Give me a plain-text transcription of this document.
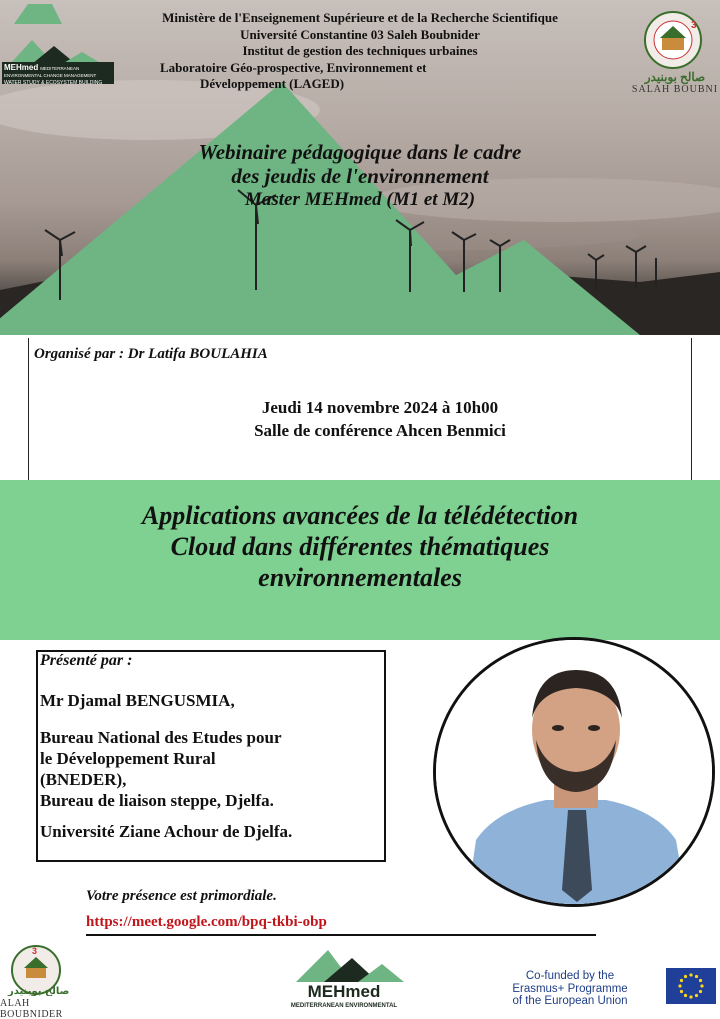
MEHmed MEDITERRANEAN ENVIRONMENTAL CHANGE MANAGEMENT
WATER STUDY & ECOSYSTEM BUILDING
Ministère de l'Enseignement Supérieure et de la Recherche Scientifique
Université Constantine 03 Saleh Boubnider
Institut de gestion des techniques urbaines
Laboratoire Géo-prospective, Environnement et
Développement (LAGED)
3
صالح بوبنيدر
SALAH BOUBNI
Webinaire pédagogique dans le cadre
des jeudis de l'environnement
Master MEHmed (M1 et M2)
Organisé par : Dr Latifa BOULAHIA
Jeudi 14 novembre 2024 à 10h00
Salle de conférence Ahcen Benmici
Applications avancées de la télédétection
Cloud dans différentes thématiques
environnementales
Présenté par :
Mr Djamal BENGUSMIA,
Bureau National des Etudes pour
le Développement Rural
(BNEDER),
Bureau de liaison steppe, Djelfa.
Université Ziane Achour de Djelfa.
Votre présence est primordiale.
https://meet.google.com/bpq-tkbi-obp
3
صالح بوبنيدر
ALAH BOUBNIDER
MEHmed
MEDITERRANEAN ENVIRONMENTAL
Co-funded by the
Erasmus+ Programme
of the European Union
